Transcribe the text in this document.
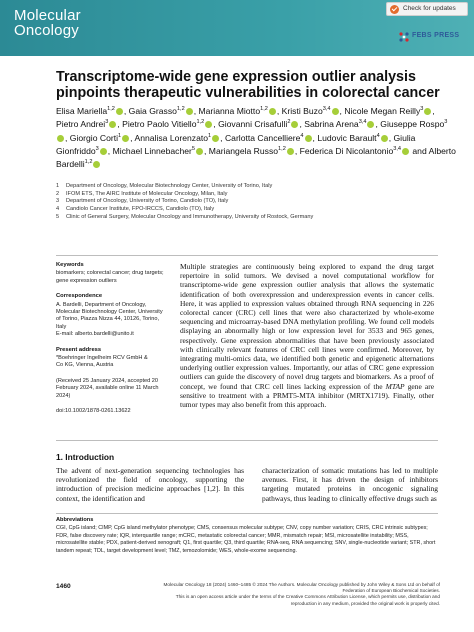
Molecular
Oncology
Check for updates
FEBS PRESS
Transcriptome-wide gene expression outlier analysis
pinpoints therapeutic vulnerabilities in colorectal cancer
Elisa Mariella$^{1,2}$ , Gaia Grasso$^{1,2}$ , Marianna Miotto$^{1,2}$ , Kristi Buzo$^{3,4}$ , Nicole Megan Reilly$^3$ , Pietro Andrei$^3$ , Pietro Paolo Vitiello$^{1,2}$ , Giovanni Crisafulli$^2$ , Sabrina Arena$^{3,4}$ , Giuseppe Rospo$^3$, Giorgio Corti$^1$ , Annalisa Lorenzato$^1$ , Carlotta Cancelliere$^4$ , Ludovic Barault$^4$ , Giulia Gionfriddo$^3$ , Michael Linnebacher$^5$ , Mariangela Russo$^{1,2}$ , Federica Di Nicolantonio$^{3,4}$ and Alberto Bardelli$^{1,2}$
1 Department of Oncology, Molecular Biotechnology Center, University of Torino, Italy
2 IFOM ETS, The AIRC Institute of Molecular Oncology, Milan, Italy
3 Department of Oncology, University of Torino, Candiolo (TO), Italy
4 Candiolo Cancer Institute, FPO-IRCCS, Candiolo (TO), Italy
5 Clinic of General Surgery, Molecular Oncology and Immunotherapy, University of Rostock, Germany
Keywords
biomarkers; colorectal cancer; drug targets;
gene expression outliers
Correspondence
A. Bardelli, Department of Oncology,
Molecular Biotechnology Center, University
of Torino, Piazza Nizza 44, 10126, Torino,
Italy
E-mail: alberto.bardelli@unito.it
Present address
*Boehringer Ingelheim RCV GmbH &
Co KG, Vienna, Austria
(Received 25 January 2024, accepted 20
February 2024, available online 11 March
2024)
doi:10.1002/1878-0261.13622
Multiple strategies are continuously being explored to expand the drug target repertoire in solid tumors. We devised a novel computational workflow for transcriptome-wide gene expression outlier analysis that allows the systematic identification of both overexpression and underexpression events in cancer cells. Here, it was applied to expression values obtained through RNA sequencing in 226 colorectal cancer (CRC) cell lines that were also characterized by whole-exome sequencing and microarray-based DNA methylation profiling. We found cell models displaying an abnormally high or low expression level for 3533 and 965 genes, respectively. Gene expression abnormalities that have been previously associated with clinically relevant features of CRC cell lines were confirmed. Moreover, by integrating multi-omics data, we identified both genetic and epigenetic alternations underlying outlier expression values. Importantly, our atlas of CRC gene expression outliers can guide the discovery of novel drug targets and biomarkers. As a proof of concept, we found that CRC cell lines lacking expression of the MTAP gene are sensitive to treatment with a PRMT5-MTA inhibitor (MRTX1719). Finally, other tumor types may also benefit from this approach.
1. Introduction
The advent of next-generation sequencing technologies has revolutionized the field of oncology, supporting the introduction of precision medicine approaches [1,2]. In this context, the identification and
characterization of somatic mutations has led to multiple avenues. First, it has driven the design of inhibitors targeting mutated proteins in oncogenic signaling pathways, thus leading to clinically effective drugs such as
Abbreviations
CGI, CpG island; CIMP, CpG island methylator phenotype; CMS, consensus molecular subtype; CNV, copy number variation; CRIS, CRC intrinsic subtypes; FDR, false discovery rate; IQR, interquartile range; mCRC, metastatic colorectal cancer; MMR, mismatch repair; MSI, microsatellite instability; MSS, microsatellite stable; PDX, patient-derived xenograft; Q1, first quartile; Q3, third quartile; RNA-seq, RNA sequencing; SNV, single-nucleotide variant; STR, short tandem repeat; TDL, target development level; TMZ, temozolomide; WES, whole-exome sequencing.
1460	Molecular Oncology 18 (2024) 1460–1485 © 2024 The Authors. Molecular Oncology published by John Wiley & Sons Ltd on behalf of Federation of European Biochemical Societies.
This is an open access article under the terms of the Creative Commons Attribution License, which permits use, distribution and reproduction in any medium, provided the original work is properly cited.
